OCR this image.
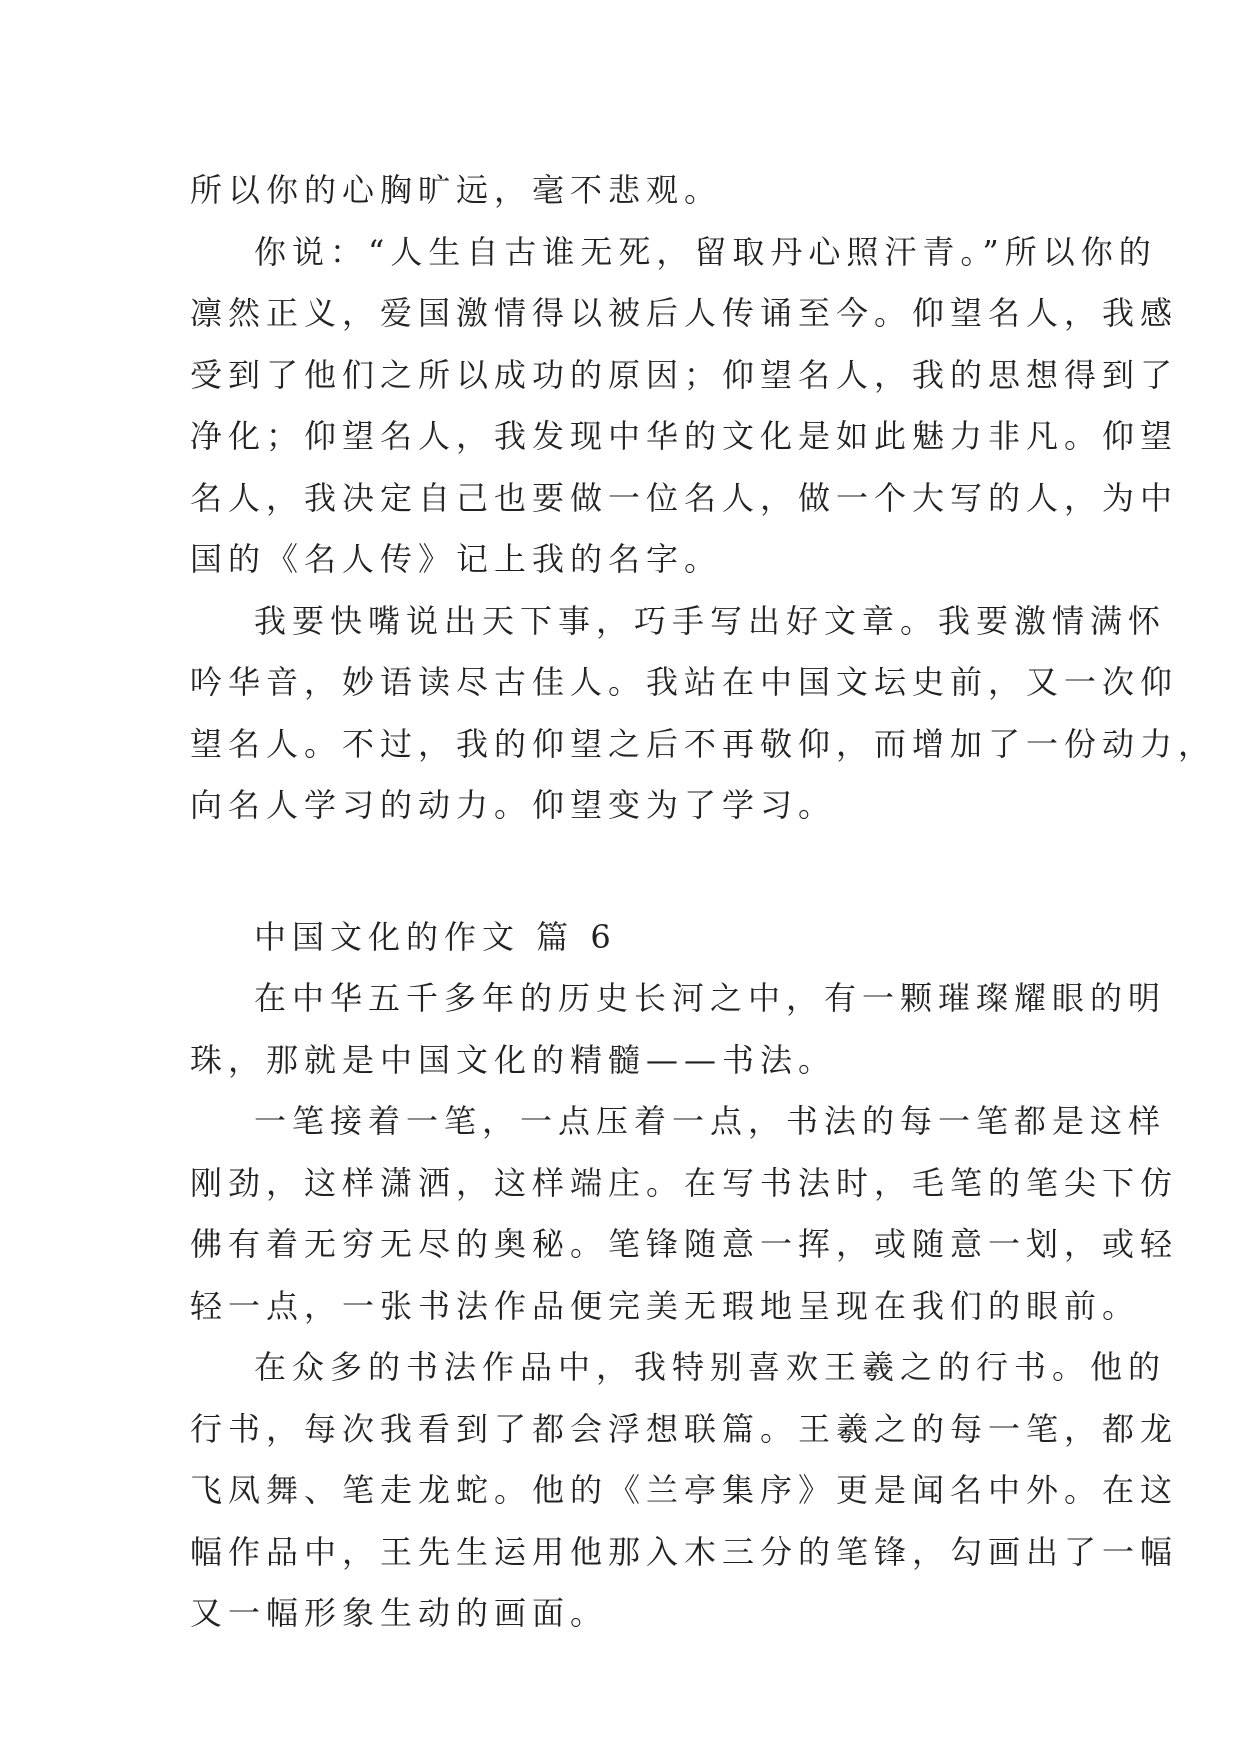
所以你的心胸旷远，毫不悲观。
你说：“人生自古谁无死，留取丹心照汗青。”所以你的
凛然正义，爱国激情得以被后人传诵至今。仰望名人，我感
受到了他们之所以成功的原因；仰望名人，我的思想得到了
净化；仰望名人，我发现中华的文化是如此魅力非凡。仰望
名人，我决定自己也要做一位名人，做一个大写的人，为中
国的《名人传》记上我的名字。
我要快嘴说出天下事，巧手写出好文章。我要激情满怀
吟华音，妙语读尽古佳人。我站在中国文坛史前，又一次仰
望名人。不过，我的仰望之后不再敬仰，而增加了一份动力，
向名人学习的动力。仰望变为了学习。
中国文化的作文 篇 6
在中华五千多年的历史长河之中，有一颗璀璨耀眼的明
珠，那就是中国文化的精髓——书法。
一笔接着一笔，一点压着一点，书法的每一笔都是这样
刚劲，这样潇洒，这样端庄。在写书法时，毛笔的笔尖下仿
佛有着无穷无尽的奥秘。笔锋随意一挥，或随意一划，或轻
轻一点，一张书法作品便完美无瑕地呈现在我们的眼前。
在众多的书法作品中，我特别喜欢王羲之的行书。他的
行书，每次我看到了都会浮想联篇。王羲之的每一笔，都龙
飞凤舞、笔走龙蛇。他的《兰亭集序》更是闻名中外。在这
幅作品中，王先生运用他那入木三分的笔锋，勾画出了一幅
又一幅形象生动的画面。
